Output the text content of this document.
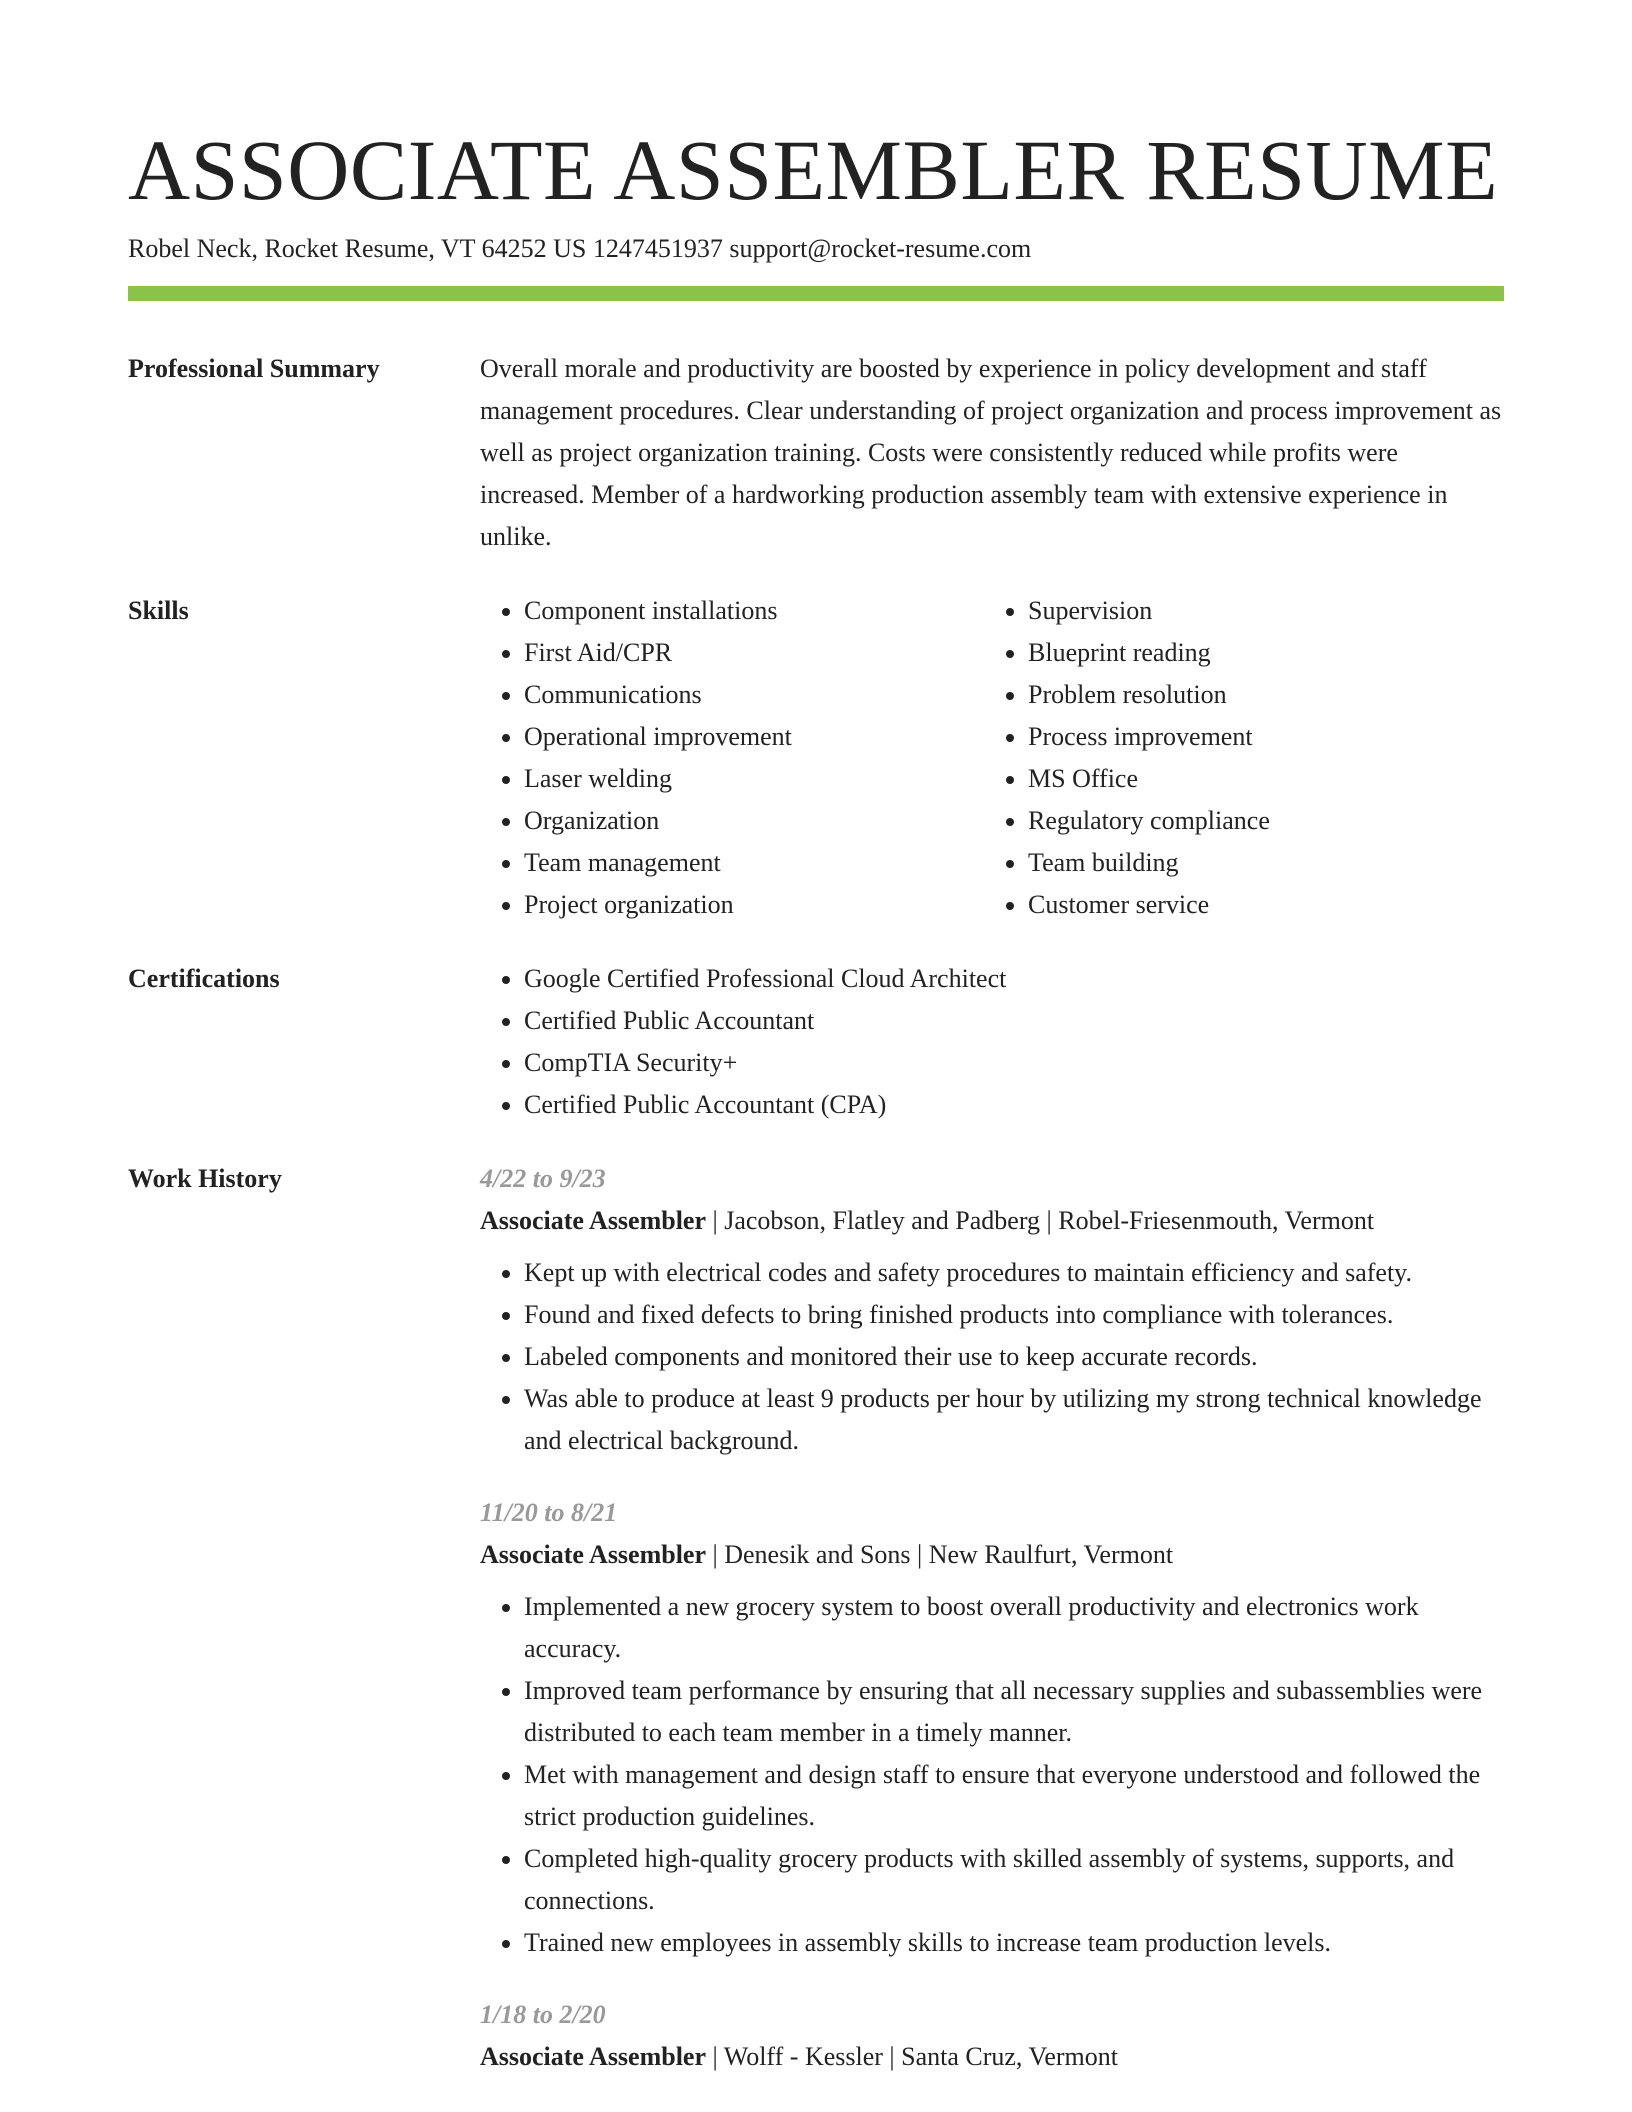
ASSOCIATE ASSEMBLER RESUME
Robel Neck, Rocket Resume, VT 64252 US 1247451937 support@rocket-resume.com
Professional Summary	Overall morale and productivity are boosted by experience in policy development and staff management procedures. Clear understanding of project organization and process improvement as well as project organization training. Costs were consistently reduced while profits were increased. Member of a hardworking production assembly team with extensive experience in unlike.

Skills	• Component installations
• First Aid/CPR
• Communications
• Operational improvement
• Laser welding
• Organization
• Team management
• Project organization
• Supervision
• Blueprint reading
• Problem resolution
• Process improvement
• MS Office
• Regulatory compliance
• Team building
• Customer service
Certifications	• Google Certified Professional Cloud Architect
• Certified Public Accountant
• CompTIA Security+
• Certified Public Accountant (CPA)
Work History	4/22 to 9/23
Associate Assembler | Jacobson, Flatley and Padberg | Robel-Friesenmouth, Vermont
• Kept up with electrical codes and safety procedures to maintain efficiency and safety.
• Found and fixed defects to bring finished products into compliance with tolerances.
• Labeled components and monitored their use to keep accurate records.
• Was able to produce at least 9 products per hour by utilizing my strong technical knowledge and electrical background.
11/20 to 8/21
Associate Assembler | Denesik and Sons | New Raulfurt, Vermont
• Implemented a new grocery system to boost overall productivity and electronics work accuracy.
• Improved team performance by ensuring that all necessary supplies and subassemblies were distributed to each team member in a timely manner.
• Met with management and design staff to ensure that everyone understood and followed the strict production guidelines.
• Completed high-quality grocery products with skilled assembly of systems, supports, and connections.
• Trained new employees in assembly skills to increase team production levels.
1/18 to 2/20
Associate Assembler | Wolff - Kessler | Santa Cruz, Vermont
